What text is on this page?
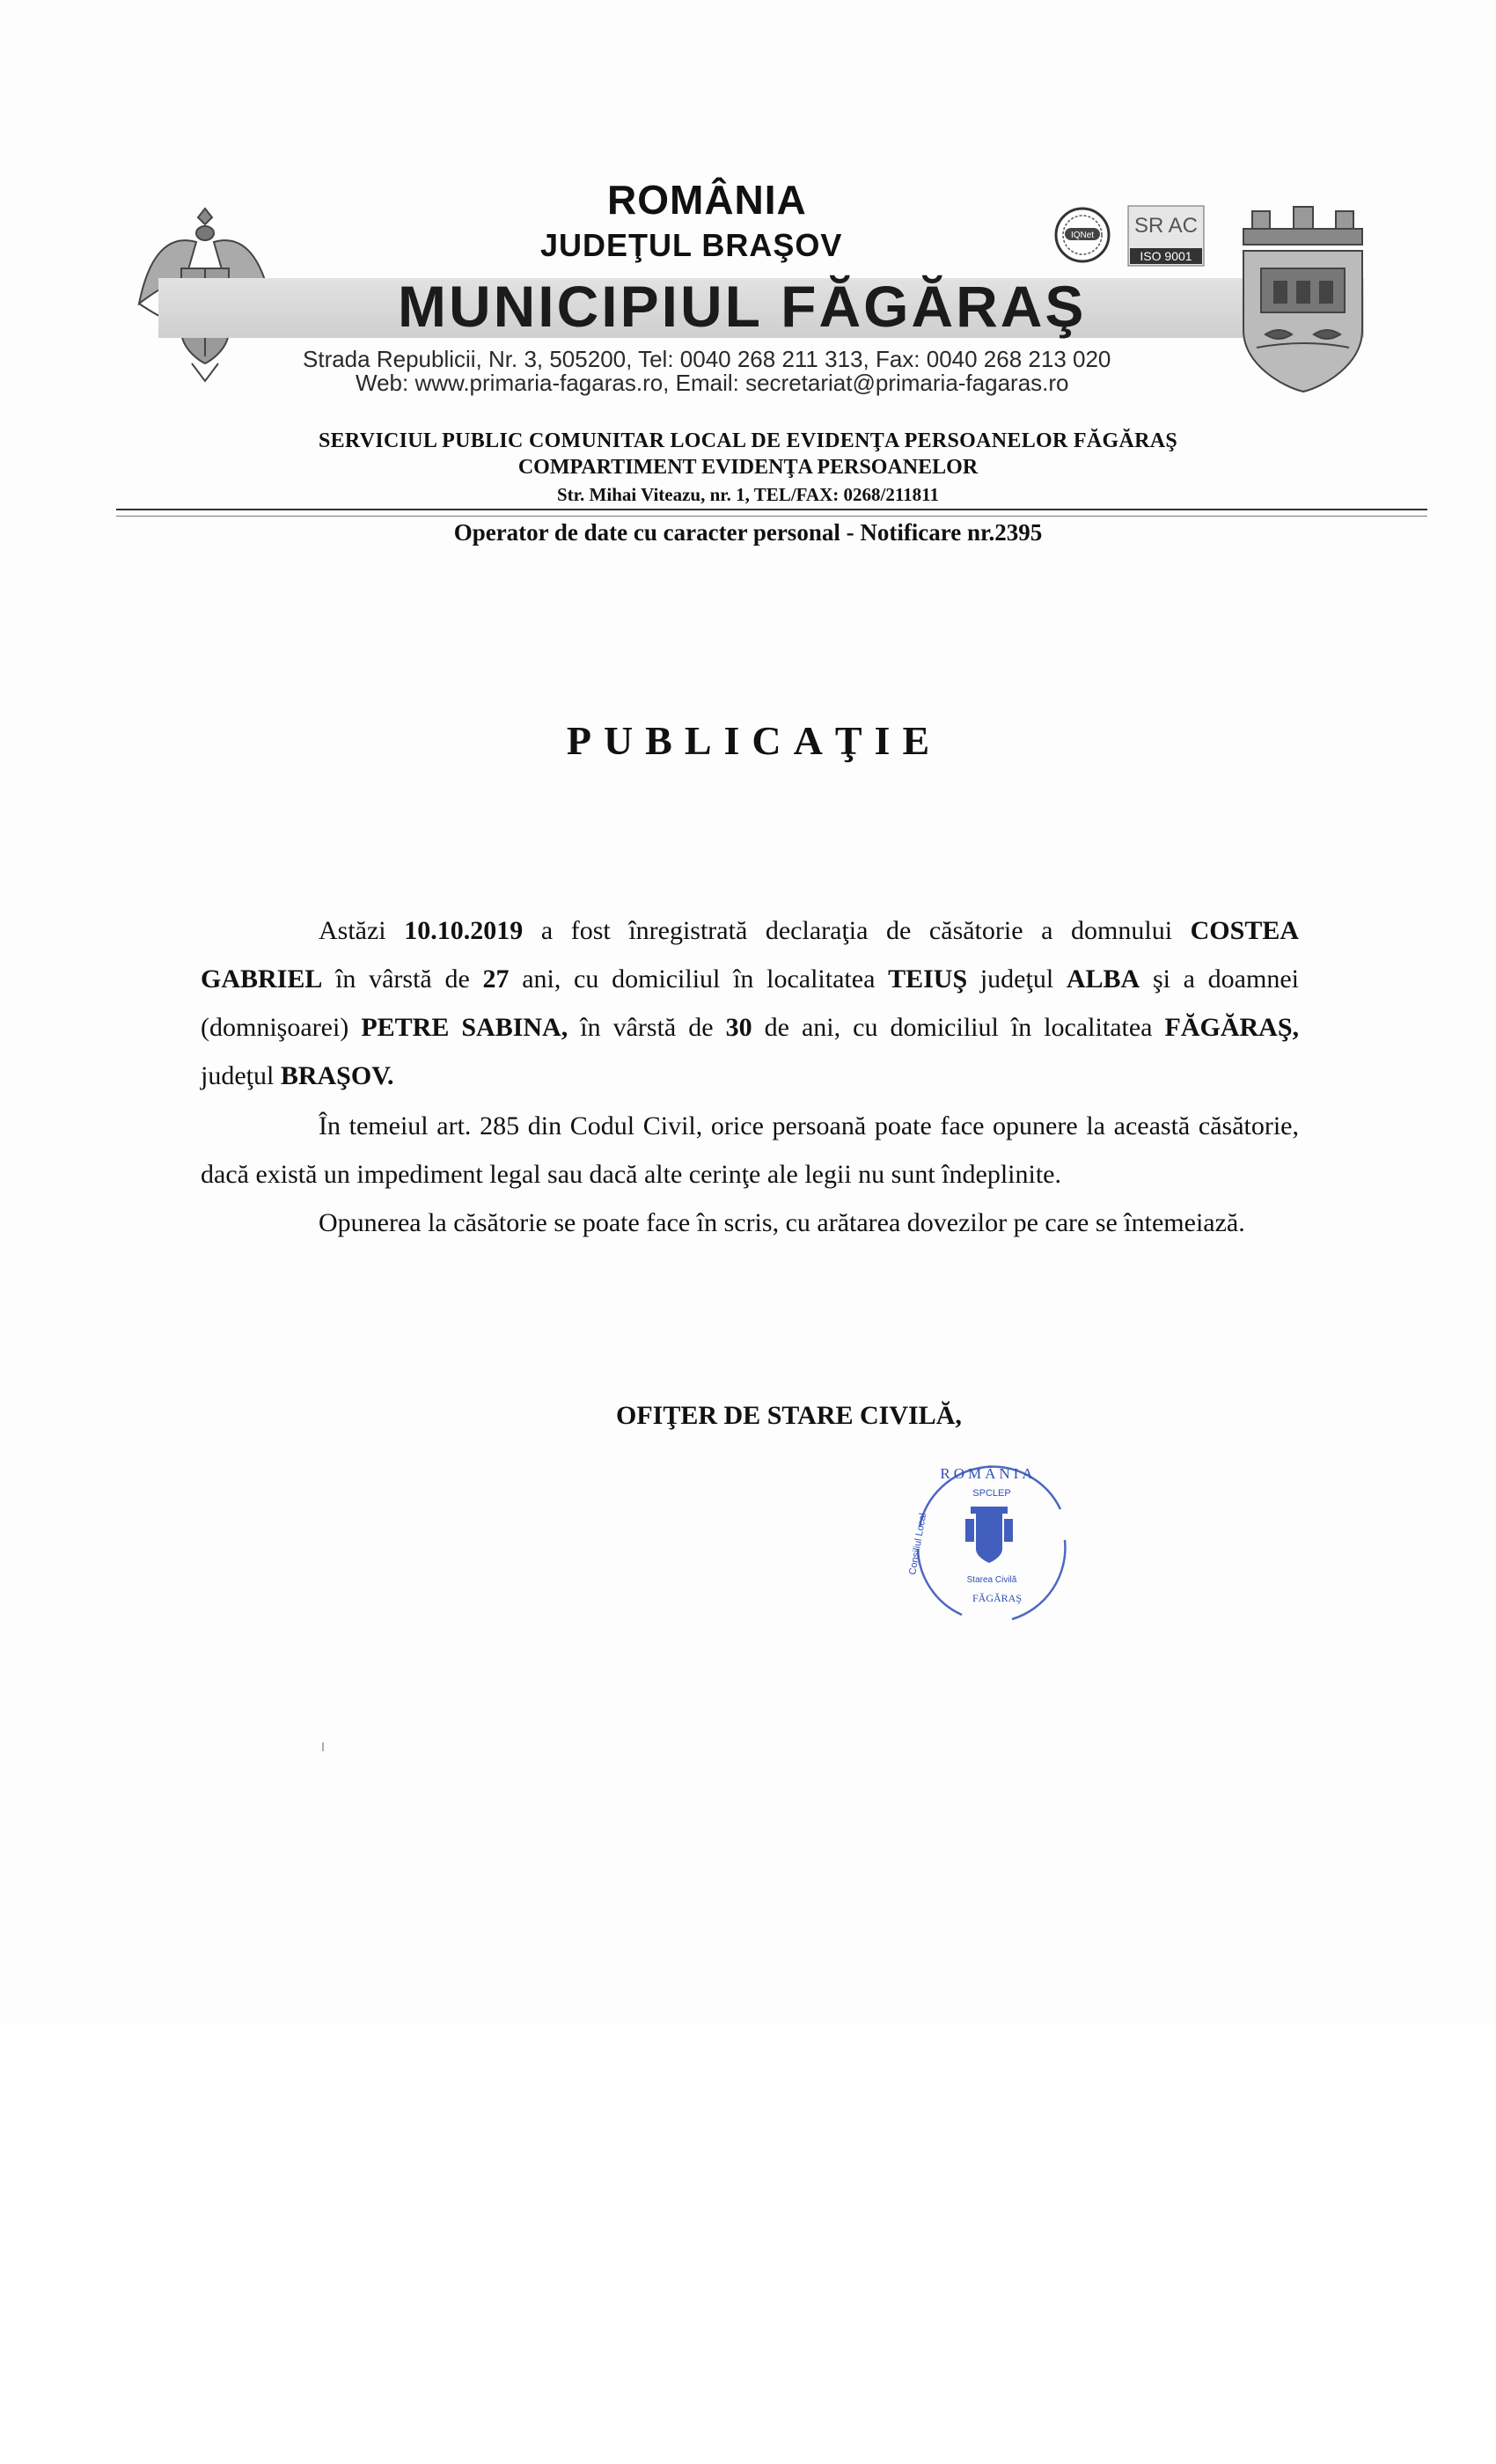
ROMÂNIA
JUDEŢUL BRAŞOV
MUNICIPIUL FĂGĂRAŞ
Strada Republicii, Nr. 3, 505200, Tel: 0040 268 211 313, Fax: 0040 268 213 020
Web: www.primaria-fagaras.ro, Email: secretariat@primaria-fagaras.ro
IQNet SR AC
ISO 9001
SERVICIUL PUBLIC COMUNITAR LOCAL DE EVIDENŢA PERSOANELOR FĂGĂRAŞ
COMPARTIMENT EVIDENŢA PERSOANELOR
Str. Mihai Viteazu, nr. 1, TEL/FAX: 0268/211811
Operator de date cu caracter personal - Notificare nr.2395
PUBLICAŢIE

Astăzi 10.10.2019 a fost înregistrată declaraţia de căsătorie a domnului COSTEA GABRIEL în vârstă de 27 ani, cu domiciliul în localitatea TEIUŞ judeţul ALBA şi a doamnei (domnişoarei) PETRE SABINA, în vârstă de 30 de ani, cu domiciliul în localitatea FĂGĂRAŞ, judeţul BRAŞOV.

În temeiul art. 285 din Codul Civil, orice persoană poate face opunere la această căsătorie, dacă există un impediment legal sau dacă alte cerinţe ale legii nu sunt îndeplinite.

Opunerea la căsătorie se poate face în scris, cu arătarea dovezilor pe care se întemeiază.

OFIŢER DE STARE CIVILĂ,
ROMÂNIA
SPCLEP
Starea Civilă
FĂGĂRAŞ
Consiliul Local
